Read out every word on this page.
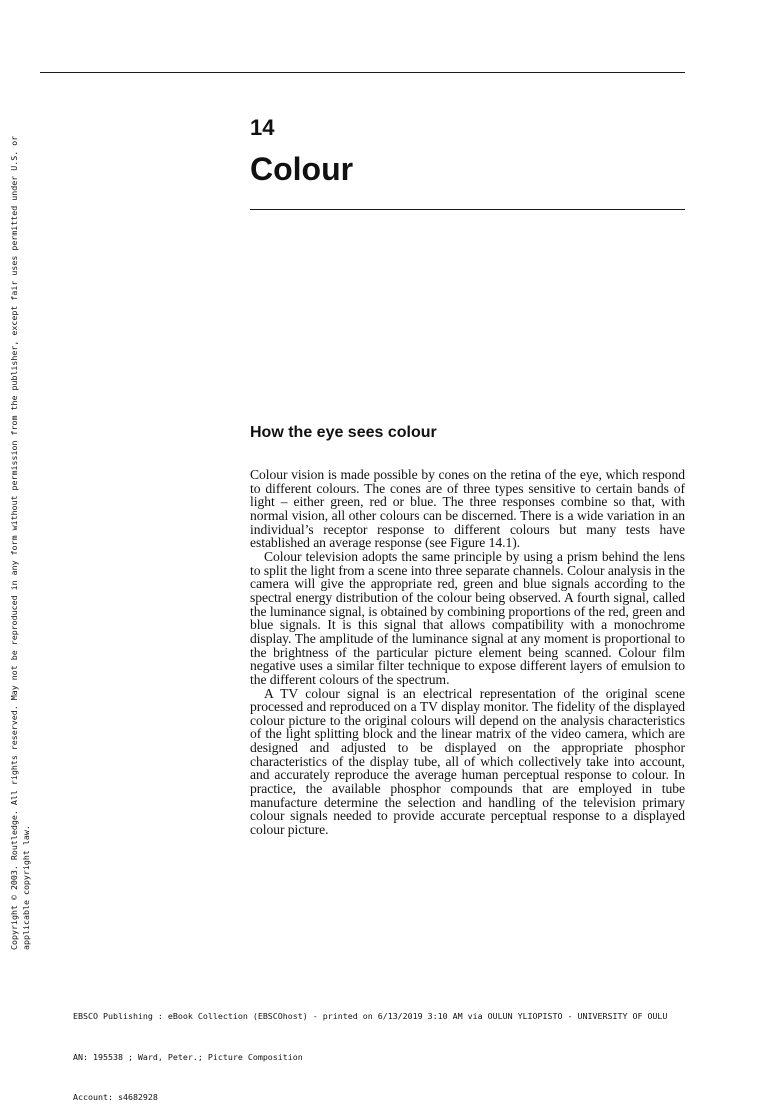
14
Colour
How the eye sees colour

Colour vision is made possible by cones on the retina of the eye, which respond to different colours. The cones are of three types sensitive to certain bands of light – either green, red or blue. The three responses combine so that, with normal vision, all other colours can be discerned. There is a wide variation in an individual’s receptor response to different colours but many tests have established an average response (see Figure 14.1).

Colour television adopts the same principle by using a prism behind the lens to split the light from a scene into three separate channels. Colour analysis in the camera will give the appropriate red, green and blue signals according to the spectral energy distribution of the colour being observed. A fourth signal, called the luminance signal, is obtained by combining proportions of the red, green and blue signals. It is this signal that allows compatibility with a monochrome display. The amplitude of the luminance signal at any moment is proportional to the brightness of the particular picture element being scanned. Colour film negative uses a similar filter technique to expose different layers of emulsion to the different colours of the spectrum.

A TV colour signal is an electrical representation of the original scene processed and reproduced on a TV display monitor. The fidelity of the displayed colour picture to the original colours will depend on the analysis characteristics of the light splitting block and the linear matrix of the video camera, which are designed and adjusted to be displayed on the appropriate phosphor characteristics of the display tube, all of which collectively take into account, and accurately reproduce the average human perceptual response to colour. In practice, the available phosphor compounds that are employed in tube manufacture determine the selection and handling of the television primary colour signals needed to provide accurate perceptual response to a displayed colour picture.

Copyright © 2003. Routledge. All rights reserved. May not be reproduced in any form without permission from the publisher, except fair uses permitted under U.S. or
applicable copyright law.

EBSCO Publishing : eBook Collection (EBSCOhost) - printed on 6/13/2019 3:10 AM via OULUN YLIOPISTO - UNIVERSITY OF OULU

AN: 195538 ; Ward, Peter.; Picture Composition

Account: s4682928
